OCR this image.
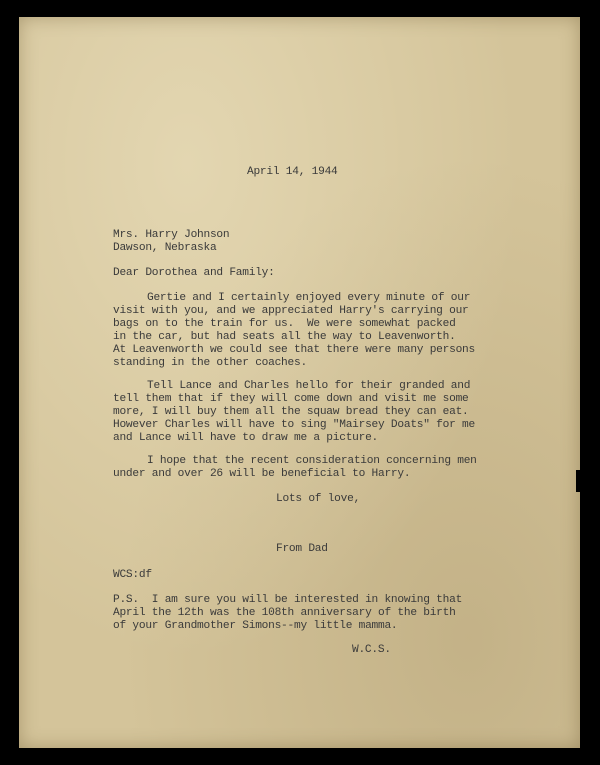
April 14, 1944

Mrs. Harry Johnson

Dawson, Nebraska

Dear Dorothea and Family:

Gertie and I certainly enjoyed every minute of our

visit with you, and we appreciated Harry's carrying our

bags on to the train for us.  We were somewhat packed

in the car, but had seats all the way to Leavenworth.

At Leavenworth we could see that there were many persons

standing in the other coaches.

Tell Lance and Charles hello for their granded and

tell them that if they will come down and visit me some

more, I will buy them all the squaw bread they can eat.

However Charles will have to sing "Mairsey Doats" for me

and Lance will have to draw me a picture.

I hope that the recent consideration concerning men

under and over 26 will be beneficial to Harry.

Lots of love,

From Dad

WCS:df

P.S.  I am sure you will be interested in knowing that

April the 12th was the 108th anniversary of the birth

of your Grandmother Simons--my little mamma.

W.C.S.
